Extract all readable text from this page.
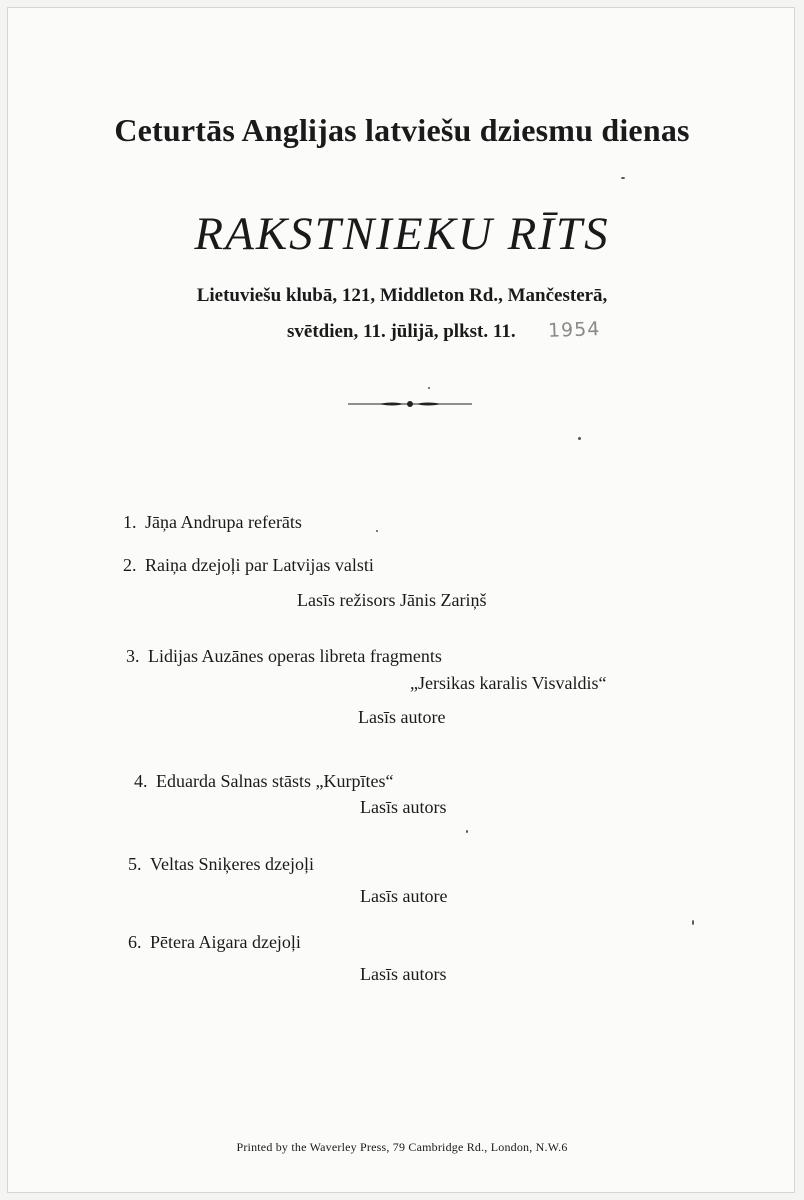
Ceturtās Anglijas latviešu dziesmu dienas
RAKSTNIEKU RĪTS
Lietuviešu klubā, 121, Middleton Rd., Mančesterā,
svētdien, 11. jūlijā, plkst. 11. 1954
1. Jāņa Andrupa referāts
2. Raiņa dzejoļi par Latvijas valsti
Lasīs režisors Jānis Zariņš
3. Lidijas Auzānes operas libreta fragments
„Jersikas karalis Visvaldis“
Lasīs autore
4. Eduarda Salnas stāsts „Kurpītes“
Lasīs autors
5. Veltas Sniķeres dzejoļi
Lasīs autore
6. Pētera Aigara dzejoļi
Lasīs autors
Printed by the Waverley Press, 79 Cambridge Rd., London, N.W.6
